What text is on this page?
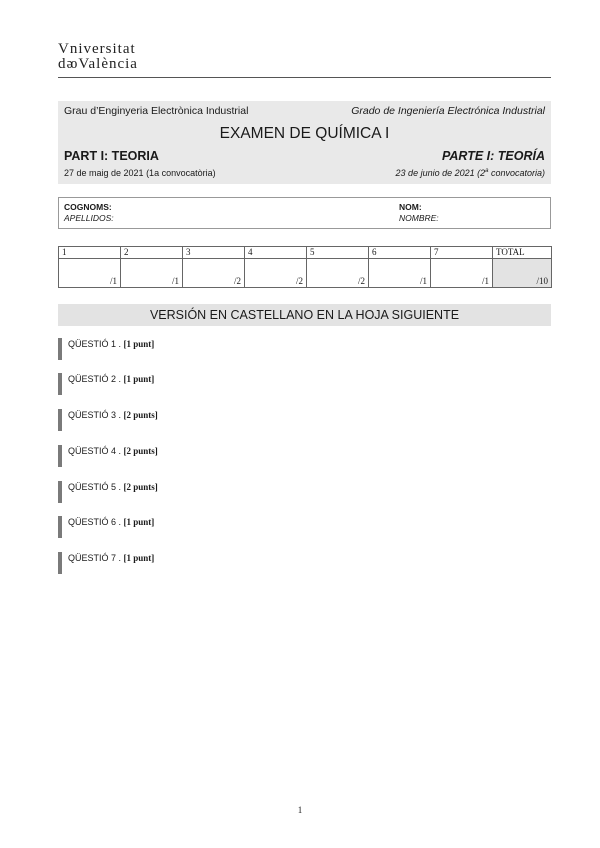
Vniversitat
dᴔValència
Grau d’Enginyeria Electrònica Industrial	Grado de Ingeniería Electrónica Industrial
EXAMEN DE QUÍMICA I
PART I: TEORIA	PARTE I: TEORÍA
27 de maig de 2021 (1a convocatòria)	23 de junio de 2021 (2$^a$ convocatoria)
COGNOMS:
APELLIDOS:
NOM:
NOMBRE:
1	2	3	4	5	6	7	TOTAL
/1	/1	/2	/2	/2	/1	/1	/10
VERSIÓN EN CASTELLANO EN LA HOJA SIGUIENTE
QÜESTIÓ 1 . [1 punt]
QÜESTIÓ 2 . [1 punt]
QÜESTIÓ 3 . [2 punts]
QÜESTIÓ 4 . [2 punts]
QÜESTIÓ 5 . [2 punts]
QÜESTIÓ 6 . [1 punt]
QÜESTIÓ 7 . [1 punt]
1
